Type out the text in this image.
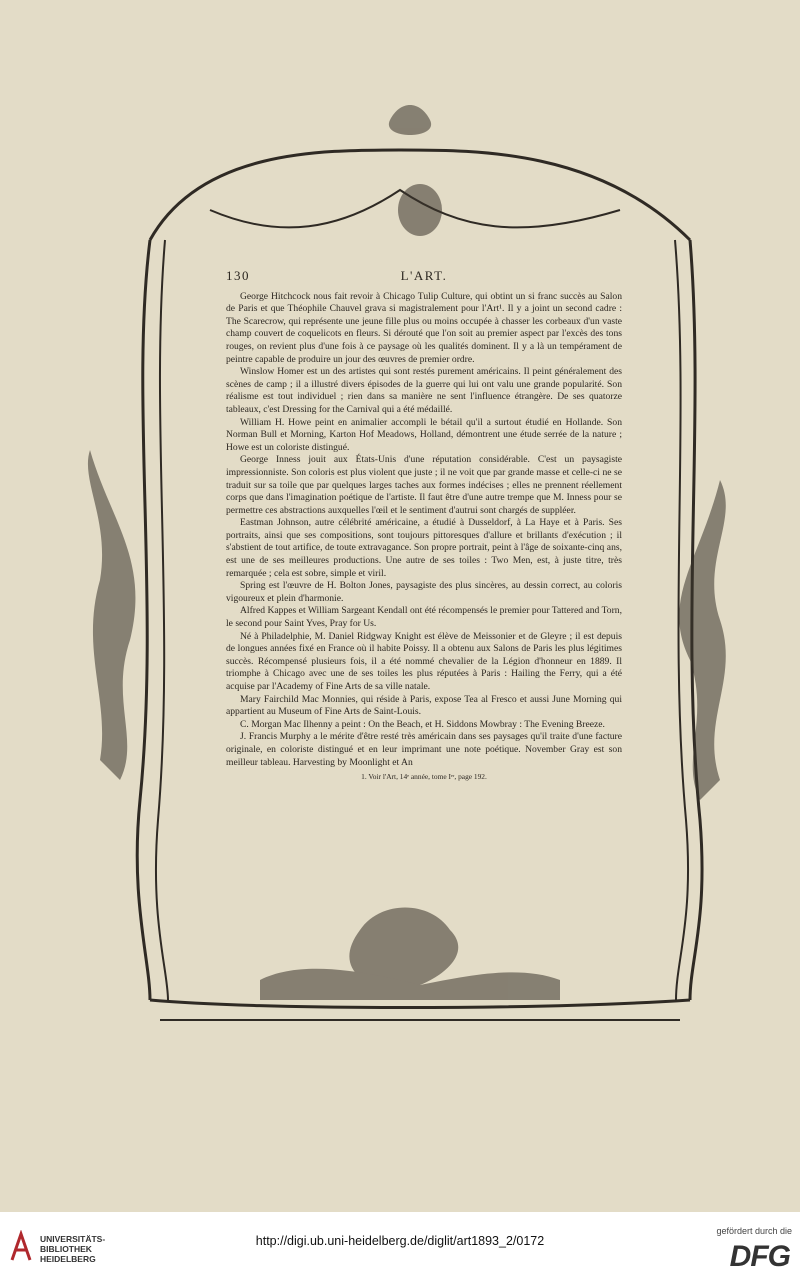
130	L'ART.

George Hitchcock nous fait revoir à Chicago Tulip Culture, qui obtint un si franc succès au Salon de Paris et que Théophile Chauvel grava si magistralement pour l'Art¹. Il y a joint un second cadre : The Scarecrow, qui représente une jeune fille plus ou moins occupée à chasser les corbeaux d'un vaste champ couvert de coquelicots en fleurs. Si dérouté que l'on soit au premier aspect par l'excès des tons rouges, on revient plus d'une fois à ce paysage où les qualités dominent. Il y a là un tempérament de peintre capable de produire un jour des œuvres de premier ordre.

Winslow Homer est un des artistes qui sont restés purement américains. Il peint généralement des scènes de camp ; il a illustré divers épisodes de la guerre qui lui ont valu une grande popularité. Son réalisme est tout individuel ; rien dans sa manière ne sent l'influence étrangère. De ses quatorze tableaux, c'est Dressing for the Carnival qui a été médaillé.

William H. Howe peint en animalier accompli le bétail qu'il a surtout étudié en Hollande. Son Norman Bull et Morning, Karton Hof Meadows, Holland, démontrent une étude serrée de la nature ; Howe est un coloriste distingué.

George Inness jouit aux États-Unis d'une réputation considérable. C'est un paysagiste impressionniste. Son coloris est plus violent que juste ; il ne voit que par grande masse et celle-ci ne se traduit sur sa toile que par quelques larges taches aux formes indécises ; elles ne prennent réellement corps que dans l'imagination poétique de l'artiste. Il faut être d'une autre trempe que M. Inness pour se permettre ces abstractions auxquelles l'œil et le sentiment d'autrui sont chargés de suppléer.

Eastman Johnson, autre célébrité américaine, a étudié à Dusseldorf, à La Haye et à Paris. Ses portraits, ainsi que ses compositions, sont toujours pittoresques d'allure et brillants d'exécution ; il s'abstient de tout artifice, de toute extravagance. Son propre portrait, peint à l'âge de soixante-cinq ans, est une de ses meilleures productions. Une autre de ses toiles : Two Men, est, à juste titre, très remarquée ; cela est sobre, simple et viril.

Spring est l'œuvre de H. Bolton Jones, paysagiste des plus sincères, au dessin correct, au coloris vigoureux et plein d'harmonie.

Alfred Kappes et William Sargeant Kendall ont été récompensés le premier pour Tattered and Torn, le second pour Saint Yves, Pray for Us.

Né à Philadelphie, M. Daniel Ridgway Knight est élève de Meissonier et de Gleyre ; il est depuis de longues années fixé en France où il habite Poissy. Il a obtenu aux Salons de Paris les plus légitimes succès. Récompensé plusieurs fois, il a été nommé chevalier de la Légion d'honneur en 1889. Il triomphe à Chicago avec une de ses toiles les plus réputées à Paris : Hailing the Ferry, qui a été acquise par l'Academy of Fine Arts de sa ville natale.

Mary Fairchild Mac Monnies, qui réside à Paris, expose Tea al Fresco et aussi June Morning qui appartient au Museum of Fine Arts de Saint-Louis.

C. Morgan Mac Ilhenny a peint : On the Beach, et H. Siddons Mowbray : The Evening Breeze.

J. Francis Murphy a le mérite d'être resté très américain dans ses paysages qu'il traite d'une facture originale, en coloriste distingué et en leur imprimant une note poétique. November Gray est son meilleur tableau. Harvesting by Moonlight et An

1. Voir l'Art, 14ᵉ année, tome Iᵉʳ, page 192.

UNIVERSITÄTS-
BIBLIOTHEK
HEIDELBERG
http://digi.ub.uni-heidelberg.de/diglit/art1893_2/0172
gefördert durch die
DFG
